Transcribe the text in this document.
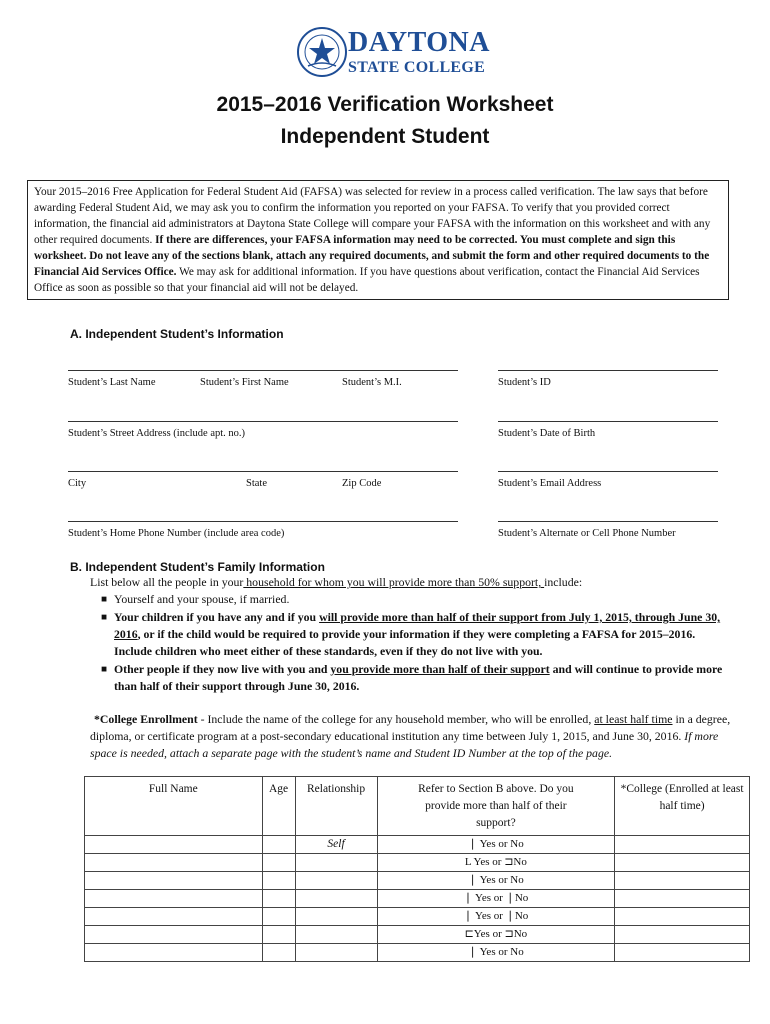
DAYTONA
STATE COLLEGE
2015–2016 Verification Worksheet
Independent Student
Your 2015–2016 Free Application for Federal Student Aid (FAFSA) was selected for review in a process called verification. The law says that before awarding Federal Student Aid, we may ask you to confirm the information you reported on your FAFSA. To verify that you provided correct information, the financial aid administrators at Daytona State College will compare your FAFSA with the information on this worksheet and with any other required documents. If there are differences, your FAFSA information may need to be corrected. You must complete and sign this worksheet. Do not leave any of the sections blank, attach any required documents, and submit the form and other required documents to the Financial Aid Services Office. We may ask for additional information. If you have questions about verification, contact the Financial Aid Services Office as soon as possible so that your financial aid will not be delayed.
A. Independent Student’s Information
Student’s Last Name	Student’s First Name	Student’s M.I.	Student’s ID
Student’s Street Address (include apt. no.)	Student’s Date of Birth
City	State	Zip Code	Student’s Email Address
Student’s Home Phone Number (include area code)	Student’s Alternate or Cell Phone Number
B. Independent Student’s Family Information
List below all the people in your household for whom you will provide more than 50% support, include:
■ Yourself and your spouse, if married.
■ Your children if you have any and if you will provide more than half of their support from July 1, 2015, through June 30, 2016, or if the child would be required to provide your information if they were completing a FAFSA for 2015–2016. Include children who meet either of these standards, even if they do not live with you.
■ Other people if they now live with you and you provide more than half of their support and will continue to provide more than half of their support through June 30, 2016.
*College Enrollment - Include the name of the college for any household member, who will be enrolled, at least half time in a degree, diploma, or certificate program at a post-secondary educational institution any time between July 1, 2015, and June 30, 2016. If more space is needed, attach a separate page with the student’s name and Student ID Number at the top of the page.
Full Name	Age	Relationship	Refer to Section B above. Do you provide more than half of their support?	*College (Enrolled at least half time)
		Self	❘ Yes or No	
			L Yes or ⊐No	
			❘ Yes or No	
			❘ Yes or ❘No	
			❘ Yes or ❘No	
			⊏Yes or ⊐No	
			❘ Yes or No	
